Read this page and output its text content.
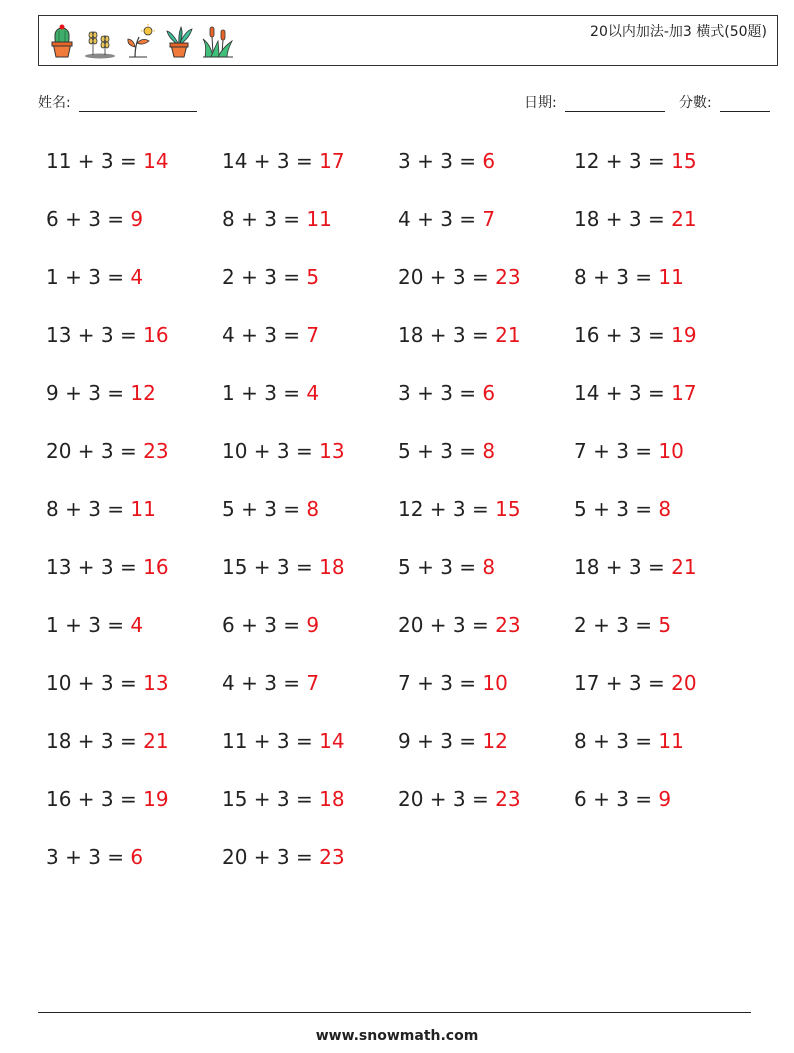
20以内加法-加3 横式(50題)
姓名:	日期:	分數:
11 + 3 = 14	14 + 3 = 17	3 + 3 = 6	12 + 3 = 15
6 + 3 = 9	8 + 3 = 11	4 + 3 = 7	18 + 3 = 21
1 + 3 = 4	2 + 3 = 5	20 + 3 = 23	8 + 3 = 11
13 + 3 = 16	4 + 3 = 7	18 + 3 = 21	16 + 3 = 19
9 + 3 = 12	1 + 3 = 4	3 + 3 = 6	14 + 3 = 17
20 + 3 = 23	10 + 3 = 13	5 + 3 = 8	7 + 3 = 10
8 + 3 = 11	5 + 3 = 8	12 + 3 = 15	5 + 3 = 8
13 + 3 = 16	15 + 3 = 18	5 + 3 = 8	18 + 3 = 21
1 + 3 = 4	6 + 3 = 9	20 + 3 = 23	2 + 3 = 5
10 + 3 = 13	4 + 3 = 7	7 + 3 = 10	17 + 3 = 20
18 + 3 = 21	11 + 3 = 14	9 + 3 = 12	8 + 3 = 11
16 + 3 = 19	15 + 3 = 18	20 + 3 = 23	6 + 3 = 9
3 + 3 = 6	20 + 3 = 23
www.snowmath.com
